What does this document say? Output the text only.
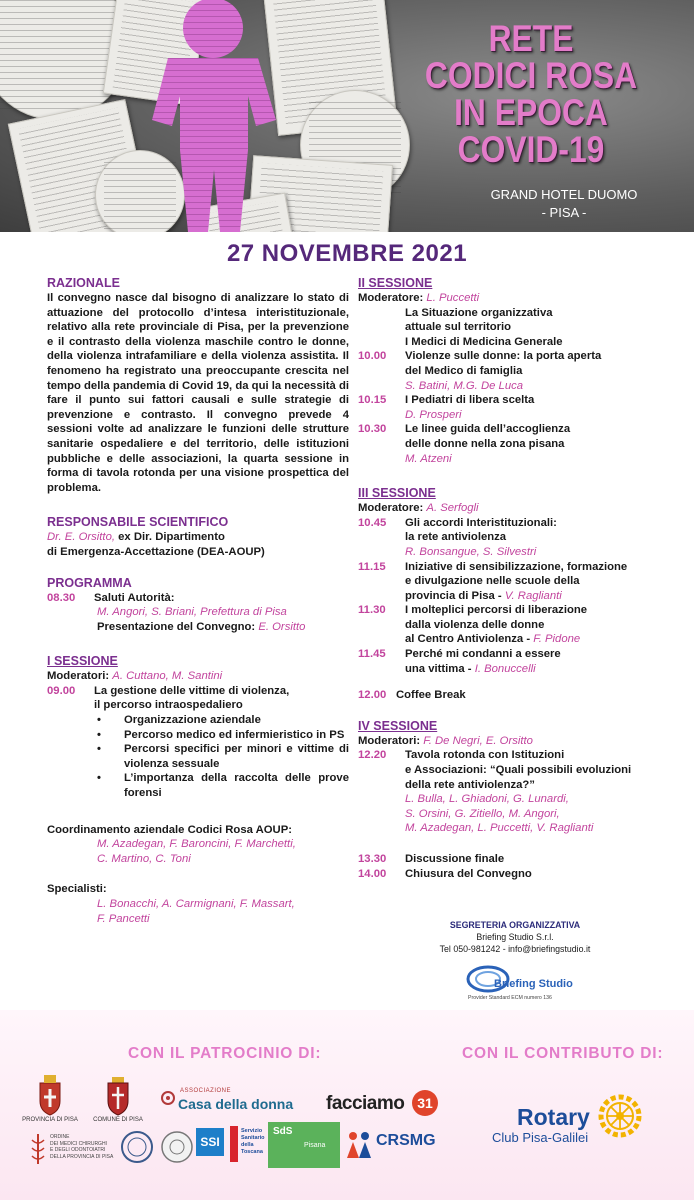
RETE
CODICI ROSA
IN EPOCA
COVID-19
GRAND HOTEL DUOMO
- PISA -
27 NOVEMBRE 2021
RAZIONALE
Il convegno nasce dal bisogno di analizzare lo stato di attuazione del protocollo d’intesa interistituzionale, relativo alla rete provinciale di Pisa, per la prevenzione e il contrasto della violenza maschile contro le donne, della violenza intrafamiliare e della violenza assistita. Il fenomeno ha registrato una preoccupante crescita nel tempo della pandemia di Covid 19, da qui la necessità di fare il punto sui fattori causali e sulle strategie di prevenzione e contrasto. Il convegno prevede 4 sessioni volte ad analizzare le funzioni delle strutture sanitarie ospedaliere e del territorio, delle istituzioni pubbliche e delle associazioni, la quarta sessione in forma di tavola rotonda per una visione prospettica del problema.
RESPONSABILE SCIENTIFICO
Dr. E. Orsitto, ex Dir. Dipartimento
di Emergenza-Accettazione (DEA-AOUP)
PROGRAMMA
08.30	Saluti Autorità:
M. Angori, S. Briani, Prefettura di Pisa
Presentazione del Convegno: E. Orsitto
I SESSIONE
Moderatori: A. Cuttano, M. Santini
09.00	La gestione delle vittime di violenza,
il percorso intraospedaliero
• Organizzazione aziendale
• Percorso medico ed infermieristico in PS
• Percorsi specifici per minori e vittime di violenza sessuale
• L’importanza della raccolta delle prove forensi
Coordinamento aziendale Codici Rosa AOUP:
M. Azadegan, F. Baroncini, F. Marchetti,
C. Martino, C. Toni
Specialisti:
L. Bonacchi, A. Carmignani, F. Massart,
F. Pancetti
II SESSIONE
Moderatore: L. Puccetti
La Situazione organizzativa
attuale sul territorio
I Medici di Medicina Generale
10.00	Violenze sulle donne: la porta aperta
del Medico di famiglia
S. Batini, M.G. De Luca
10.15	I Pediatri di libera scelta
D. Prosperi
10.30	Le linee guida dell’accoglienza
delle donne nella zona pisana
M. Atzeni
III SESSIONE
Moderatore: A. Serfogli
10.45	Gli accordi Interistituzionali:
la rete antiviolenza
R. Bonsangue, S. Silvestri
11.15	Iniziative di sensibilizzazione, formazione
e divulgazione nelle scuole della
provincia di Pisa - V. Raglianti
11.30	I molteplici percorsi di liberazione
dalla violenza delle donne
al Centro Antiviolenza - F. Pidone
11.45	Perché mi condanni a essere
una vittima - I. Bonuccelli
12.00 Coffee Break
IV SESSIONE
Moderatori: F. De Negri, E. Orsitto
12.20	Tavola rotonda con Istituzioni
e Associazioni: “Quali possibili evoluzioni
della rete antiviolenza?”
L. Bulla, L. Ghiadoni, G. Lunardi,
S. Orsini, G. Zitiello, M. Angori,
M. Azadegan, L. Puccetti, V. Raglianti
13.30	Discussione finale
14.00	Chiusura del Convegno
SEGRETERIA ORGANIZZATIVA
Briefing Studio S.r.l.
Tel 050-981242 - info@briefingstudio.it
Briefing Studio
Provider Standard ECM numero 136
CON IL PATROCINIO DI:	CON IL CONTRIBUTO DI:
PROVINCIA DI PISA	COMUNE DI PISA
ASSOCIAZIONE
Casa della donna facciamo 31
ORDINE
DEI MEDICI CHIRURGHI
E DEGLI ODONTOIATRI
DELLA PROVINCIA DI PISA
SSI
Servizio
Sanitario
della
Toscana
SdS
Pisana	CRSMG
Rotary
Club Pisa-Galilei
